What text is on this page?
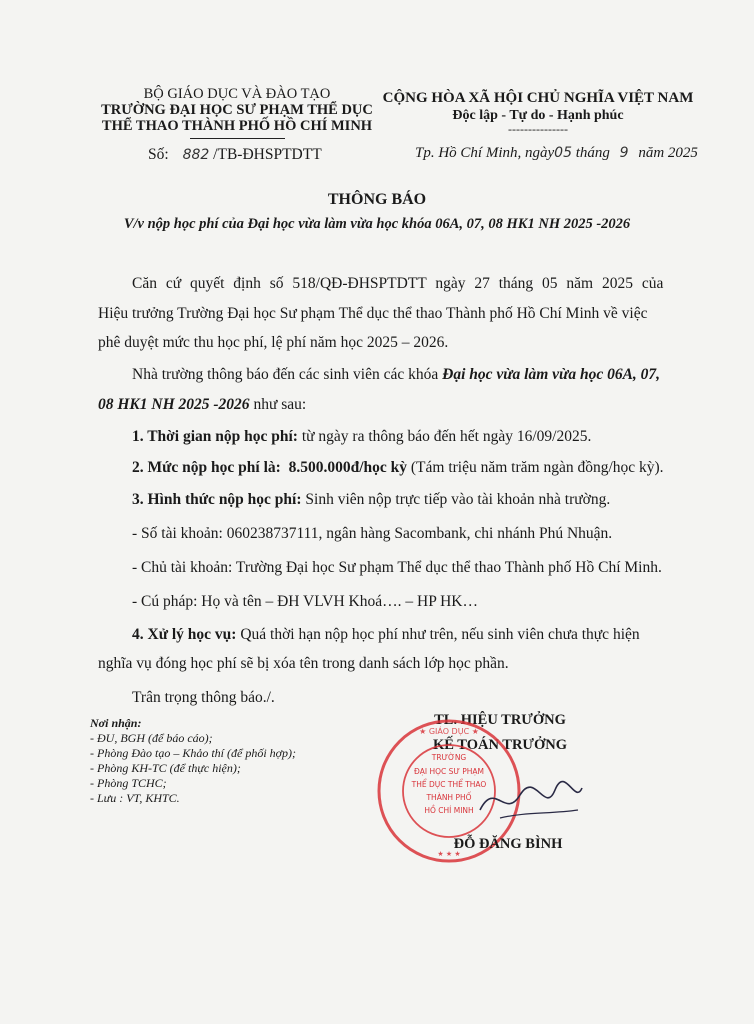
BỘ GIÁO DỤC VÀ ĐÀO TẠO
TRƯỜNG ĐẠI HỌC SƯ PHẠM THỂ DỤC
THỂ THAO THÀNH PHỐ HỒ CHÍ MINH
Số: 882 /TB-ĐHSPTDTT
CỘNG HÒA XÃ HỘI CHỦ NGHĨA VIỆT NAM
Độc lập - Tự do - Hạnh phúc
---------------
Tp. Hồ Chí Minh, ngày05 tháng 9 năm 2025
THÔNG BÁO
V/v nộp học phí của Đại học vừa làm vừa học khóa 06A, 07, 08 HK1 NH 2025 -2026
Căn cứ quyết định số 518/QĐ-ĐHSPTDTT ngày 27 tháng 05 năm 2025 của
Hiệu trưởng Trường Đại học Sư phạm Thể dục thể thao Thành phố Hồ Chí Minh về việc
phê duyệt mức thu học phí, lệ phí năm học 2025 – 2026.
Nhà trường thông báo đến các sinh viên các khóa Đại học vừa làm vừa học 06A, 07,
08 HK1 NH 2025 -2026 như sau:
1. Thời gian nộp học phí: từ ngày ra thông báo đến hết ngày 16/09/2025.
2. Mức nộp học phí là:  8.500.000đ/học kỳ (Tám triệu năm trăm ngàn đồng/học kỳ).
3. Hình thức nộp học phí: Sinh viên nộp trực tiếp vào tài khoản nhà trường.
- Số tài khoản: 060238737111, ngân hàng Sacombank, chi nhánh Phú Nhuận.
- Chủ tài khoản: Trường Đại học Sư phạm Thể dục thể thao Thành phố Hồ Chí Minh.
- Cú pháp: Họ và tên – ĐH VLVH Khoá…. – HP HK…
4. Xử lý học vụ: Quá thời hạn nộp học phí như trên, nếu sinh viên chưa thực hiện
nghĩa vụ đóng học phí sẽ bị xóa tên trong danh sách lớp học phần.
Trân trọng thông báo./.
Nơi nhận:
- ĐU, BGH (để báo cáo);
- Phòng Đào tạo – Khảo thí (để phối hợp);
- Phòng KH-TC (để thực hiện);
- Phòng TCHC;
- Lưu : VT, KHTC.
TL. HIỆU TRƯỞNG
KẾ TOÁN TRƯỞNG
★ GIÁO DỤC ★
TRƯỜNG
ĐẠI HỌC SƯ PHẠM
THỂ DỤC THỂ THAO
THÀNH PHỐ
HỒ CHÍ MINH
★ ★ ★
ĐỖ ĐĂNG BÌNH
